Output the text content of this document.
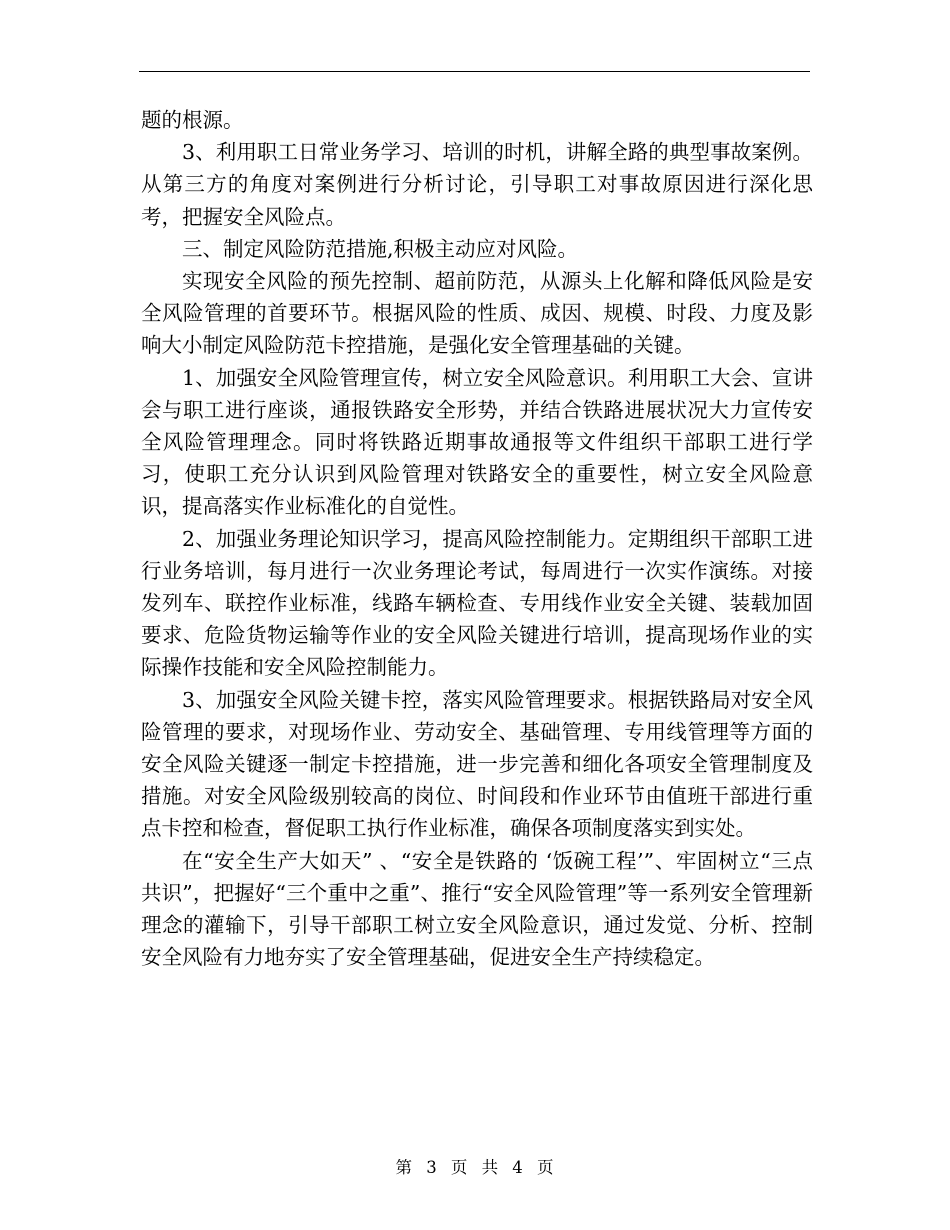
题的根源。

3、利用职工日常业务学习、培训的时机，讲解全路的典型事故案例。从第三方的角度对案例进行分析讨论，引导职工对事故原因进行深化思考，把握安全风险点。

三、制定风险防范措施,积极主动应对风险。

实现安全风险的预先控制、超前防范，从源头上化解和降低风险是安全风险管理的首要环节。根据风险的性质、成因、规模、时段、力度及影响大小制定风险防范卡控措施，是强化安全管理基础的关键。

1、加强安全风险管理宣传，树立安全风险意识。利用职工大会、宣讲会与职工进行座谈，通报铁路安全形势，并结合铁路进展状况大力宣传安全风险管理理念。同时将铁路近期事故通报等文件组织干部职工进行学习，使职工充分认识到风险管理对铁路安全的重要性，树立安全风险意识，提高落实作业标准化的自觉性。

2、加强业务理论知识学习，提高风险控制能力。定期组织干部职工进行业务培训，每月进行一次业务理论考试，每周进行一次实作演练。对接发列车、联控作业标准，线路车辆检查、专用线作业安全关键、装载加固要求、危险货物运输等作业的安全风险关键进行培训，提高现场作业的实际操作技能和安全风险控制能力。

3、加强安全风险关键卡控，落实风险管理要求。根据铁路局对安全风险管理的要求，对现场作业、劳动安全、基础管理、专用线管理等方面的安全风险关键逐一制定卡控措施，进一步完善和细化各项安全管理制度及措施。对安全风险级别较高的岗位、时间段和作业环节由值班干部进行重点卡控和检查，督促职工执行作业标准，确保各项制度落实到实处。

在“安全生产大如天” 、“安全是铁路的 ‘饭碗工程’”、牢固树立“三点共识”，把握好“三个重中之重”、推行“安全风险管理”等一系列安全管理新理念的灌输下，引导干部职工树立安全风险意识，通过发觉、分析、控制安全风险有力地夯实了安全管理基础，促进安全生产持续稳定。

第 3 页 共 4 页
